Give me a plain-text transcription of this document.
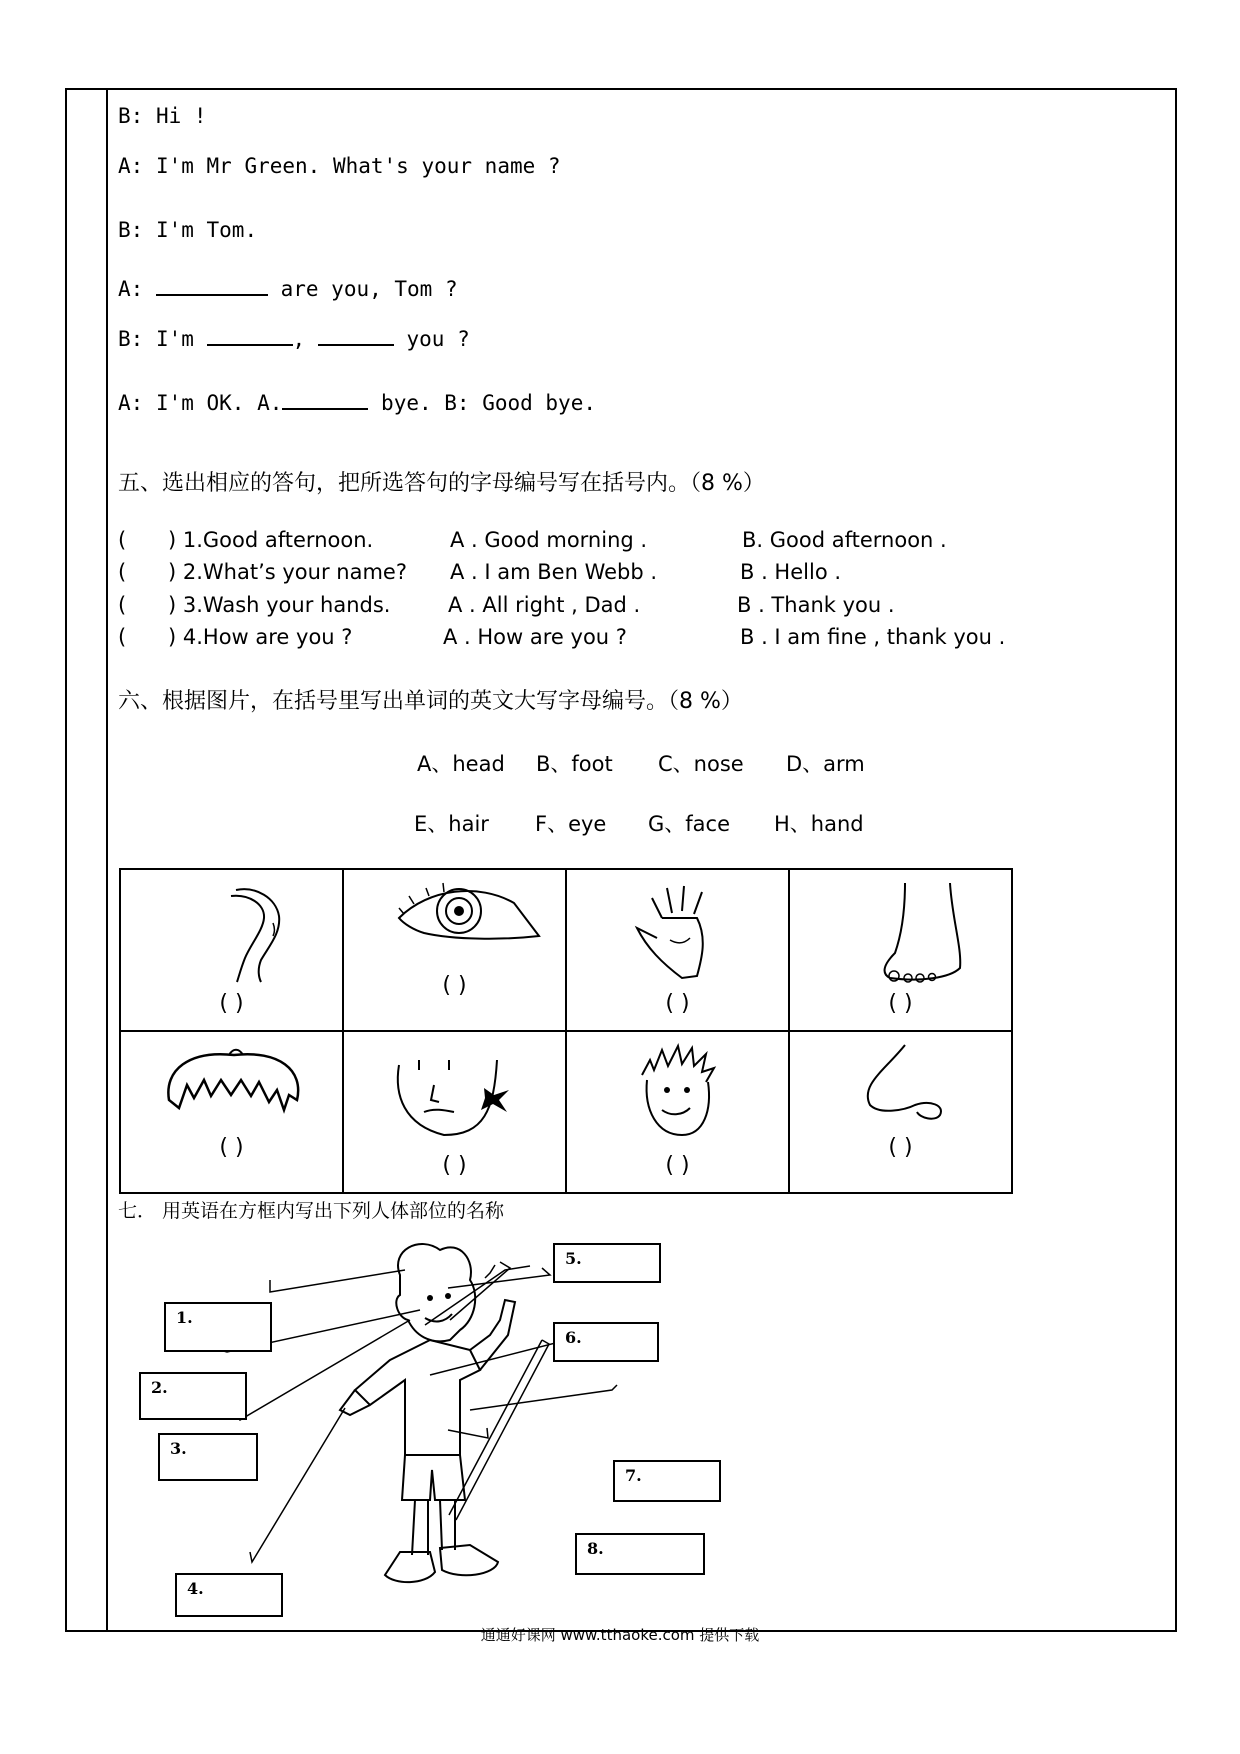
B: Hi !
A: I'm Mr Green. What's your name ?
B: I'm Tom.
A:	are you, Tom ?
B: I'm	,	you ?
A: I'm OK. A.	bye. B: Good bye.
五、选出相应的答句，把所选答句的字母编号写在括号内。（8 %）
( ) 1.Good afternoon.	A . Good morning .	B. Good afternoon .
( ) 2.What’s your name? A . I am Ben Webb .	B . Hello .
( ) 3.Wash your hands.	A . All right , Dad .	B . Thank you .
( ) 4.How are you ?	A . How are you ?	B . I am fine , thank you .
六、根据图片，在括号里写出单词的英文大写字母编号。（8 %）
A、head B、foot C、nose D、arm
E、hair F、eye G、face H、hand
( )	( )	( )	( )

( )	( )	( )	( )
七． 用英语在方框内写出下列人体部位的名称
1.
2.
3.
4.
5.
6.
7.
8.
通通好课网 www.tthaoke.com 提供下载
